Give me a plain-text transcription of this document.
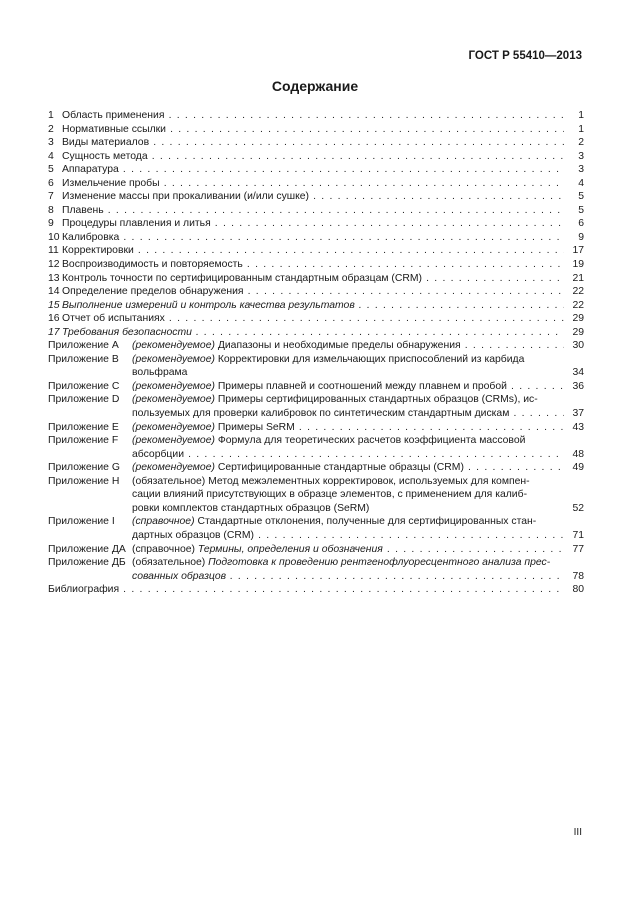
ГОСТ Р 55410—2013
Содержание
1 Область применения . . .	1
2 Нормативные ссылки . . .	1
3 Виды материалов . . .	2
4 Сущность метода . . .	3
5 Аппаратура . . .	3
6 Измельчение пробы . . .	4
7 Изменение массы при прокаливании (и/или сушке) . . .	5
8 Плавень . . .	5
9 Процедуры плавления и литья . . .	6
10 Калибровка . . .	9
11 Корректировки . . .	17
12 Воспроизводимость и повторяемость . . .	19
13 Контроль точности по сертифицированным стандартным образцам (CRM) . . .	21
14 Определение пределов обнаружения . . .	22
15 Выполнение измерений и контроль качества результатов . . .	22
16 Отчет об испытаниях . . .	29
17 Требования безопасности . . .	29
Приложение А (рекомендуемое) Диапазоны и необходимые пределы обнаружения . . .	30
Приложение В (рекомендуемое) Корректировки для измельчающих приспособлений из карбида
вольфрама	34
Приложение С (рекомендуемое) Примеры плавней и соотношений между плавнем и пробой . . .	36
Приложение D (рекомендуемое) Примеры сертифицированных стандартных образцов (CRMs), ис-
пользуемых для проверки калибровок по синтетическим стандартным дискам . . .	37
Приложение Е (рекомендуемое) Примеры SeRM . . .	43
Приложение F (рекомендуемое) Формула для теоретических расчетов коэффициента массовой
абсорбции . . .	48
Приложение G (рекомендуемое) Сертифицированные стандартные образцы (CRM) . . .	49
Приложение Н (обязательное) Метод межэлементных корректировок, используемых для компен-
сации влияний присутствующих в образце элементов, с применением для калиб-
ровки комплектов стандартных образцов (SeRM)	52
Приложение I (справочное) Стандартные отклонения, полученные для сертифицированных стан-
дартных образцов (CRM) . . .	71
Приложение ДА (справочное) Термины, определения и обозначения . . .	77
Приложение ДБ (обязательное) Подготовка к проведению рентгенофлуоресцентного анализа прес-
сованных образцов . . .	78
Библиография . . .	80
III
